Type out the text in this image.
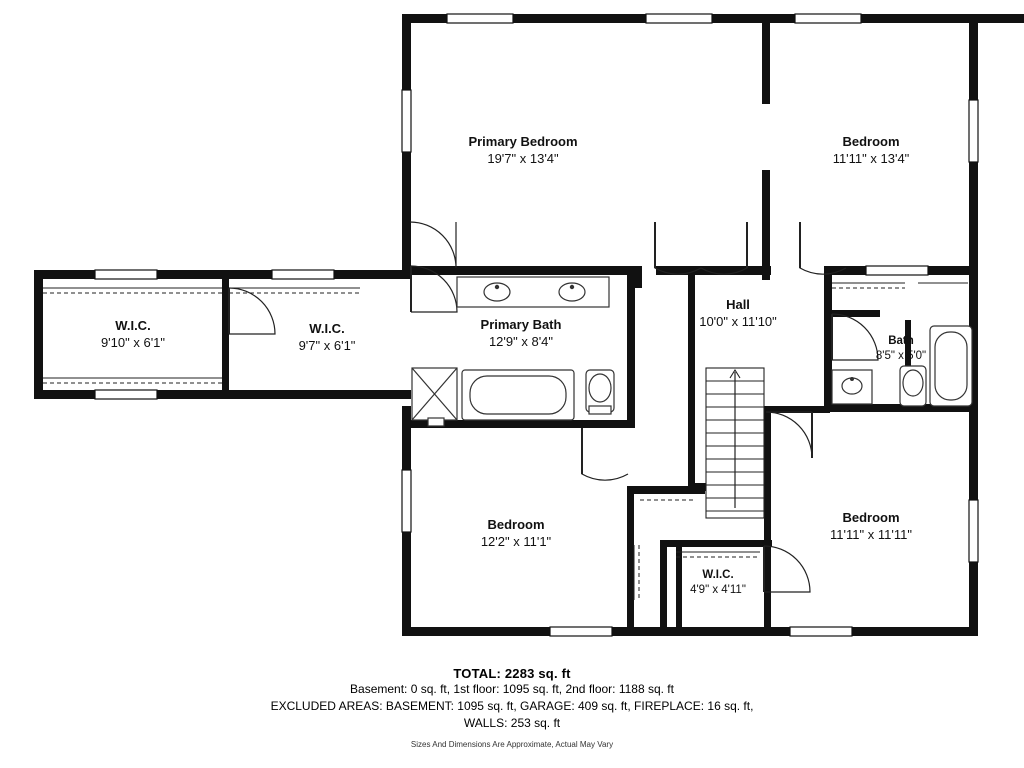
Primary Bedroom
19'7" x 13'4"
Bedroom
11'11" x 13'4"
W.I.C.
9'10" x 6'1"
W.I.C.
9'7" x 6'1"
Primary Bath
12'9" x 8'4"
Hall
10'0" x 11'10"
Bath
8'5" x 5'0"
Bedroom
12'2" x 11'1"
Bedroom
11'11" x 11'11"
W.I.C.
4'9" x 4'11"
TOTAL: 2283 sq. ft
Basement: 0 sq. ft, 1st floor: 1095 sq. ft, 2nd floor: 1188 sq. ft
EXCLUDED AREAS: BASEMENT: 1095 sq. ft, GARAGE: 409 sq. ft, FIREPLACE: 16 sq. ft,
WALLS: 253 sq. ft
Sizes And Dimensions Are Approximate, Actual May Vary
